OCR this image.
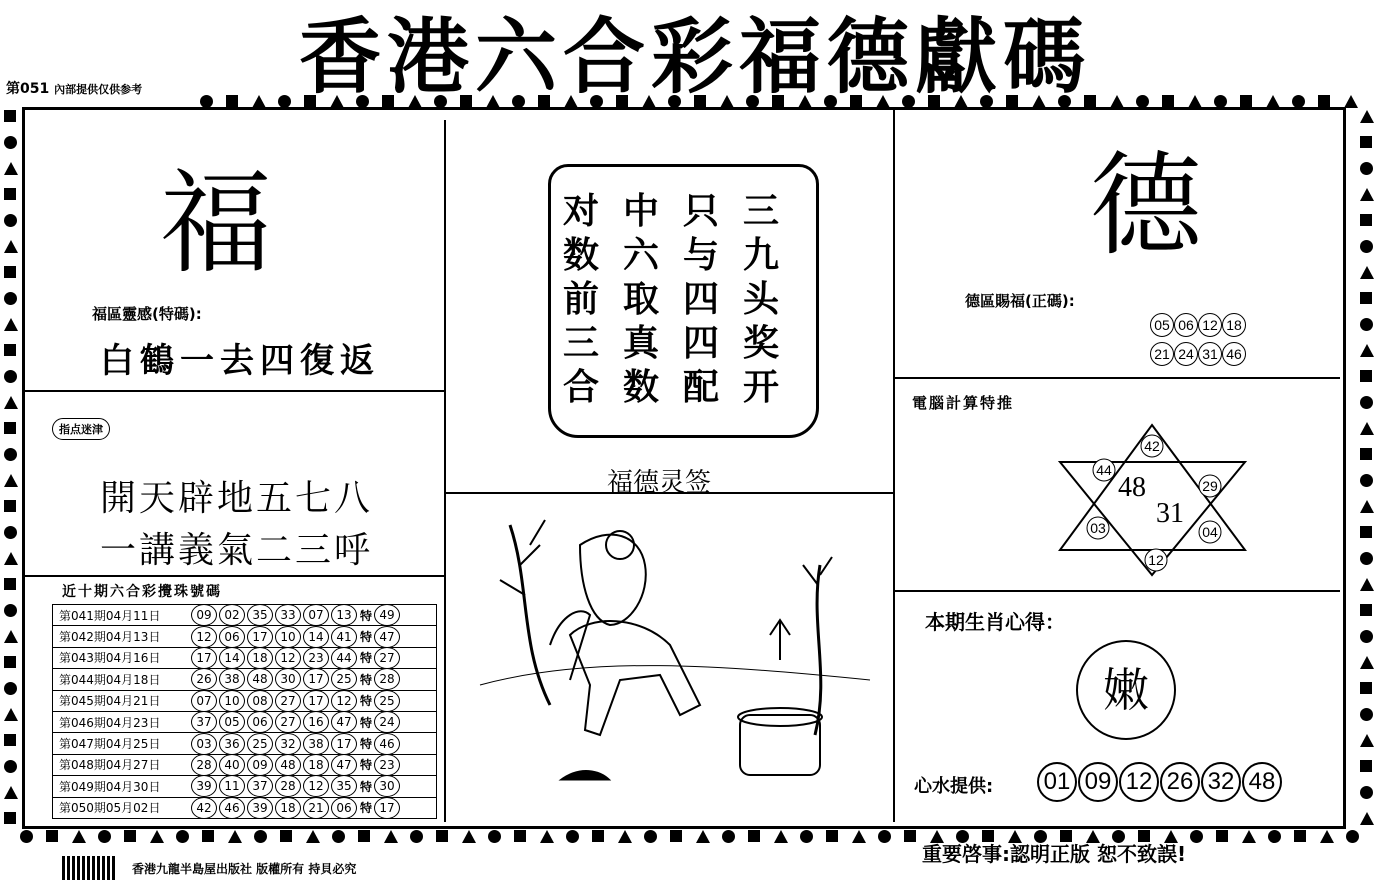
香港六合彩福德獻碼
第051 內部提供仅供参考
福
福區靈感(特碼):
白鶴一去四復返
指点迷津
開天辟地五七八
一講義氣二三呼
近十期六合彩攪珠號碼
第041期04月11日	09	02	35	33	07	13 特 49
第042期04月13日	12	06	17	10	14	41 特 47
第043期04月16日	17	14	18	12	23	44 特 27
第044期04月18日	26	38	48	30	17	25 特 28
第045期04月21日	07	10	08	27	17	12 特 25
第046期04月23日	37	05	06	27	16	47 特 24
第047期04月25日	03	36	25	32	38	17 特 46
第048期04月27日	28	40	09	48	18	47 特 23
第049期04月30日	39	11	37	28	12	35 特 30
第050期05月02日	42	46	39	18	21	06 特 17
三九头奖开
只与四四配
中六取真数
对数前三合
福德灵签
德
德區賜福(正碼):
05 06 12 18
21 24 31 46
電腦計算特推
42
44
29
03	04
12
48
31
本期生肖心得：
嫩
心水提供: 01 09 12 26 32 48
香港九龍半島屋出版社 版權所有 持貝必究
重要啓事:認明正版 恕不致誤!
